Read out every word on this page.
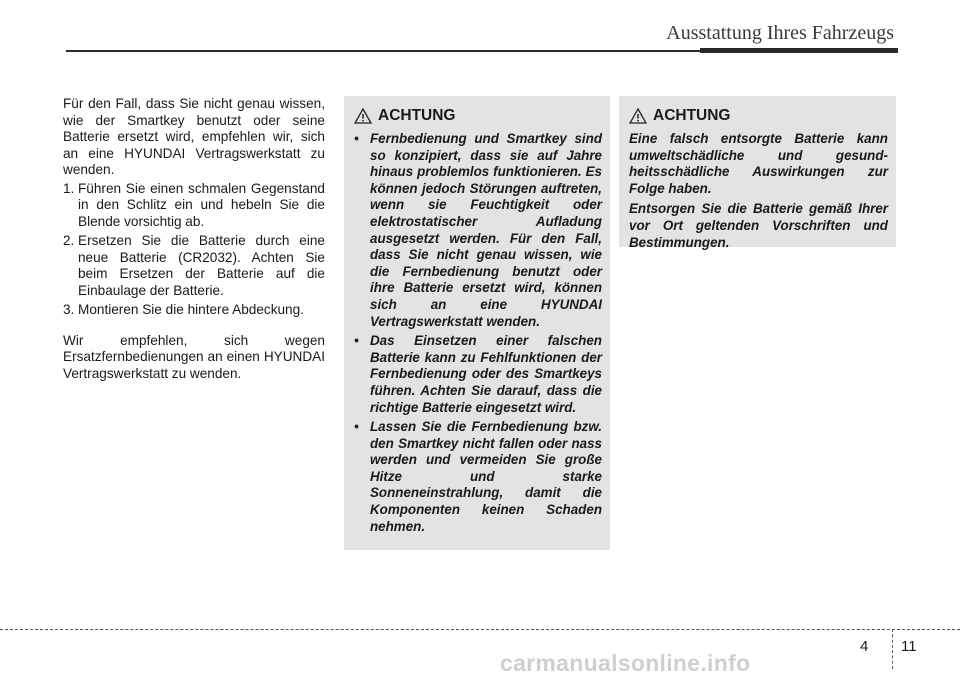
Ausstattung Ihres Fahrzeugs

Für den Fall, dass Sie nicht genau wissen, wie der Smartkey benutzt oder seine Batterie ersetzt wird, empfehlen wir, sich an eine HYUNDAI Vertragswerkstatt zu wenden.

1. Führen Sie einen schmalen Gegenstand in den Schlitz ein und hebeln Sie die Blende vorsichtig ab.
2. Ersetzen Sie die Batterie durch eine neue Batterie (CR2032). Achten Sie beim Ersetzen der Batterie auf die Einbaulage der Batterie.
3. Montieren Sie die hintere Abdeckung.

Wir empfehlen, sich wegen Ersatzfernbedienungen an einen HYUNDAI Vertragswerkstatt zu wenden.

ACHTUNG
• Fernbedienung und Smartkey sind so konzipiert, dass sie auf Jahre hinaus problemlos funktionieren. Es können jedoch Störungen auftreten, wenn sie Feuchtigkeit oder elektrostatischer Aufladung ausgesetzt werden. Für den Fall, dass Sie nicht genau wissen, wie die Fernbedienung benutzt oder ihre Batterie ersetzt wird, können sich an eine HYUNDAI Vertragswerkstatt wenden.
• Das Einsetzen einer falschen Batterie kann zu Fehlfunktionen der Fernbedienung oder des Smartkeys führen. Achten Sie darauf, dass die richtige Batterie eingesetzt wird.
• Lassen Sie die Fernbedienung bzw. den Smartkey nicht fallen oder nass werden und vermeiden Sie große Hitze und starke Sonneneinstrahlung, damit die Komponenten keinen Schaden nehmen.
ACHTUNG

Eine falsch entsorgte Batterie kann umweltschädliche und gesund-heitsschädliche Auswirkungen zur Folge haben.

Entsorgen Sie die Batterie gemäß Ihrer vor Ort geltenden Vorschriften und Bestimmungen.

4 11
carmanualsonline.info
